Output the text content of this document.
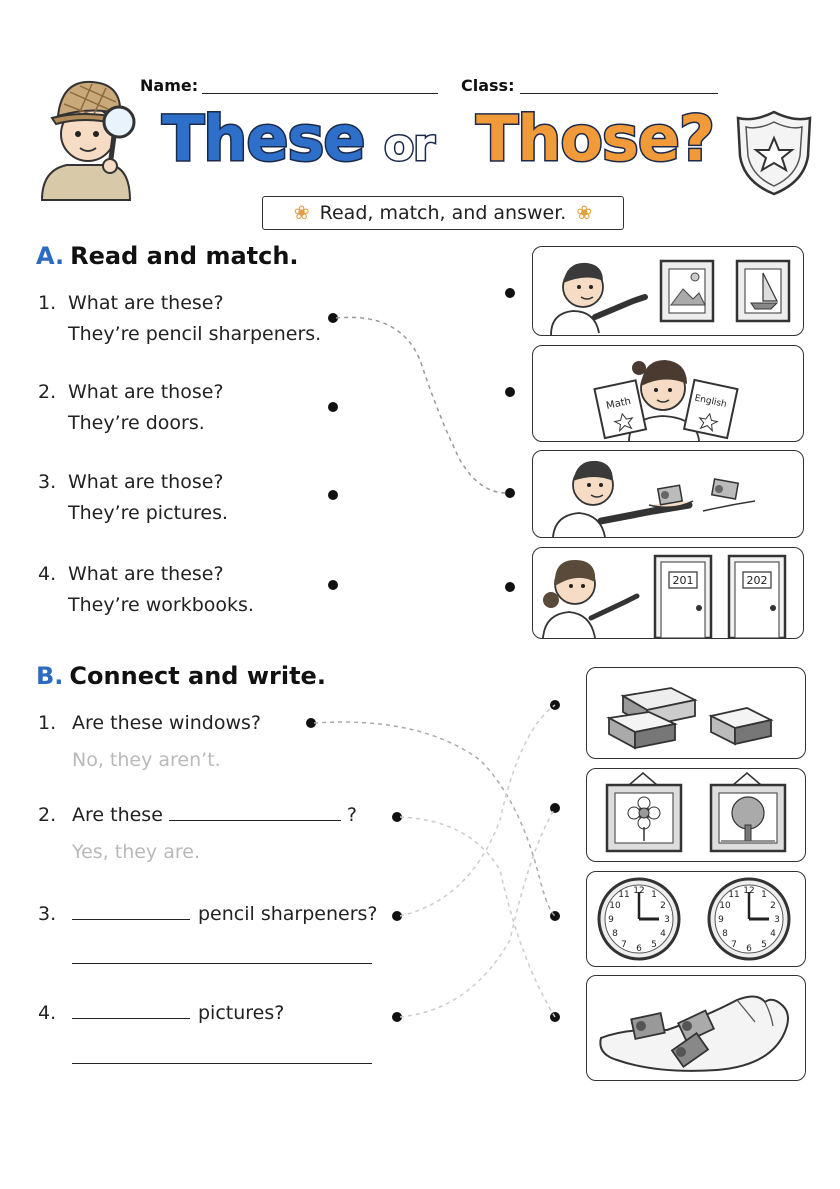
Name:	Class:
These or Those?
❀ Read, match, and answer. ❀
A. Read and match.
1. What are these?
They’re pencil sharpeners.
2. What are those?
They’re doors.
3. What are those?
They’re pictures.
4. What are these?
They’re workbooks.
Math	English
201	202
B. Connect and write.
1. Are these windows?
No, they aren’t.
2. Are these	?
Yes, they are.
3.	pencil sharpeners?
4.	pictures?
12
6
3
9
1
2
4
5
7
8
10
11	12
6
3
9
1
2
4
5
7
8
10
11
